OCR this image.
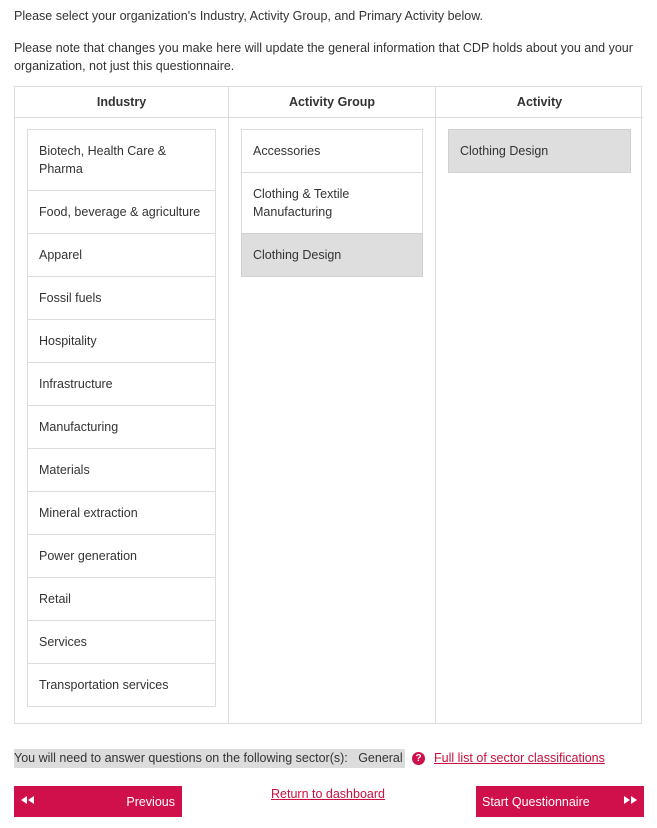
Please select your organization's Industry, Activity Group, and Primary Activity below.
Please note that changes you make here will update the general information that CDP holds about you and your organization, not just this questionnaire.
Industry
Biotech, Health Care & Pharma
Food, beverage & agriculture
Apparel
Fossil fuels
Hospitality
Infrastructure
Manufacturing
Materials
Mineral extraction
Power generation
Retail
Services
Transportation services
Activity Group
Accessories
Clothing & Textile Manufacturing
Clothing Design
Activity
Clothing Design
You will need to answer questions on the following sector(s): General	? Full list of sector classifications
Previous
Return to dashboard
Start Questionnaire
